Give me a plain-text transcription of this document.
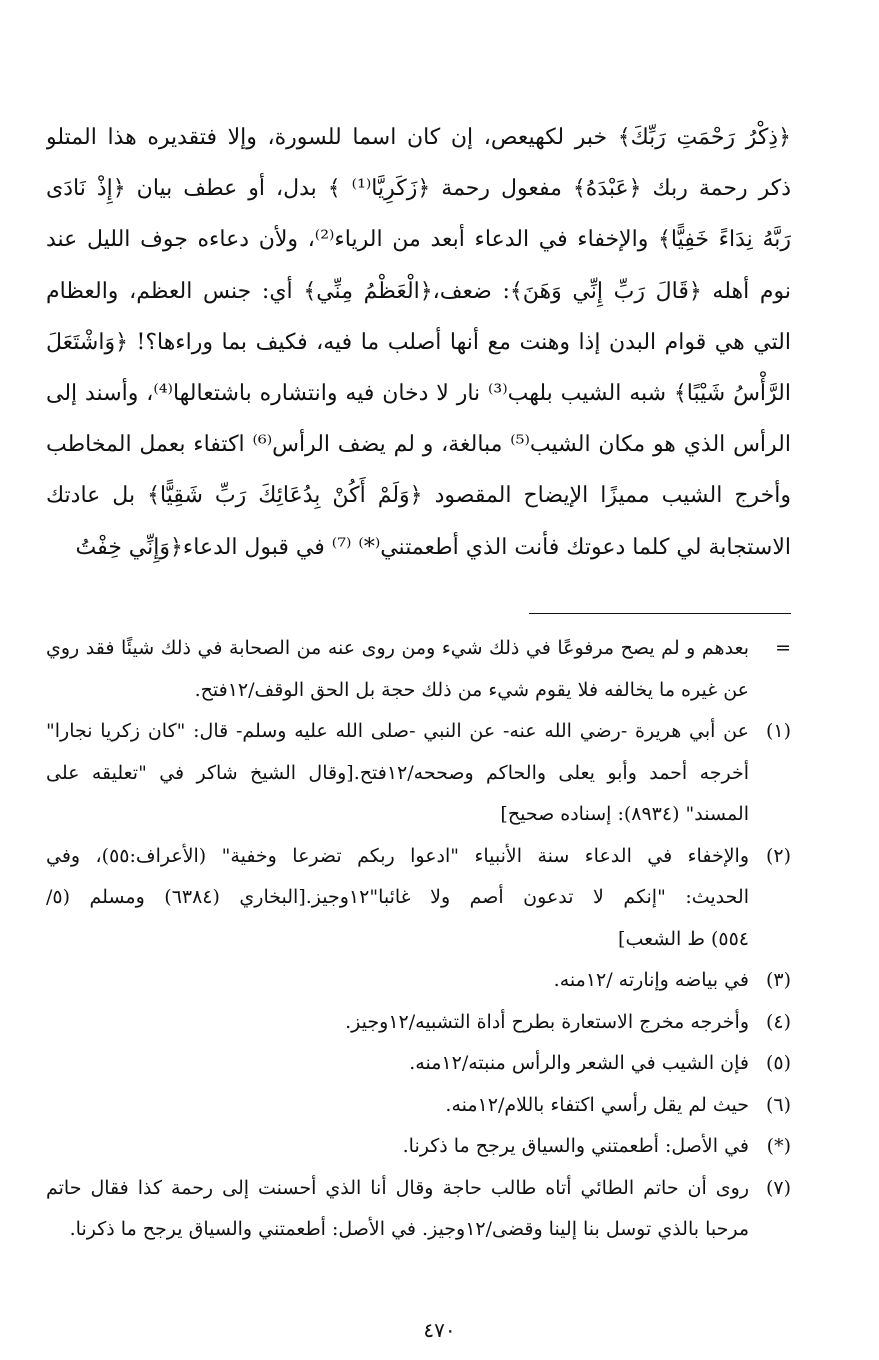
﴿ذِكْرُ رَحْمَتِ رَبِّكَ﴾ خبر لكهيعص، إن كان اسما للسورة، وإلا فتقديره هذا المتلو
ذكر رحمة ربك ﴿عَبْدَهُ﴾ مفعول رحمة ﴿زَكَرِيَّا⁽¹⁾ ﴾ بدل، أو عطف بيان ﴿إِذْ نَادَى
رَبَّهُ نِدَاءً خَفِيًّا﴾ والإخفاء في الدعاء أبعد من الرياء⁽²⁾، ولأن دعاءه جوف الليل عند
نوم أهله ﴿قَالَ رَبِّ إِنِّي وَهَنَ﴾: ضعف،﴿الْعَظْمُ مِنِّي﴾ أي: جنس العظم، والعظام
التي هي قوام البدن إذا وهنت مع أنها أصلب ما فيه، فكيف بما وراءها؟! ﴿وَاشْتَعَلَ
الرَّأْسُ شَيْبًا﴾ شبه الشيب بلهب⁽³⁾ نار لا دخان فيه وانتشاره باشتعالها⁽⁴⁾، وأسند إلى
الرأس الذي هو مكان الشيب⁽⁵⁾ مبالغة، و لم يضف الرأس⁽⁶⁾ اكتفاء بعمل المخاطب
وأخرج الشيب مميزًا الإيضاح المقصود ﴿وَلَمْ أَكُنْ بِدُعَائِكَ رَبِّ شَقِيًّا﴾ بل عادتك
الاستجابة لي كلما دعوتك فأنت الذي أطعمتني⁽*⁾ ⁽⁷⁾ في قبول الدعاء﴿وَإِنِّي خِفْتُ
=
بعدهم و لم يصح مرفوعًا في ذلك شيء ومن روى عنه من الصحابة في ذلك شيئًا فقد روي
عن غيره ما يخالفه فلا يقوم شيء من ذلك حجة بل الحق الوقف/١٢فتح.
(١)
عن أبي هريرة -رضي الله عنه- عن النبي -صلى الله عليه وسلم- قال: "كان زكريا نجارا"
أخرجه أحمد وأبو يعلى والحاكم وصححه/١٢فتح.[وقال الشيخ شاكر في "تعليقه على
المسند" (٨٩٣٤): إسناده صحيح]
(٢)
والإخفاء في الدعاء سنة الأنبياء "ادعوا ربكم تضرعا وخفية" (الأعراف:٥٥)، وفي
الحديث: "إنكم لا تدعون أصم ولا غائبا"١٢وجيز.[البخاري (٦٣٨٤) ومسلم (٥/
٥٥٤) ط الشعب]
(٣)
في بياضه وإنارته /١٢منه.
(٤)
وأخرجه مخرج الاستعارة بطرح أداة التشبيه/١٢وجيز.
(٥)
فإن الشيب في الشعر والرأس منبته/١٢منه.
(٦)
حيث لم يقل رأسي اكتفاء باللام/١٢منه.
(*)
في الأصل: أطعمتني والسياق يرجح ما ذكرنا.
(٧)
روى أن حاتم الطائي أتاه طالب حاجة وقال أنا الذي أحسنت إلى رحمة كذا فقال حاتم
مرحبا بالذي توسل بنا إلينا وقضى/١٢وجيز. في الأصل: أطعمتني والسياق يرجح ما ذكرنا.
٤٧٠
